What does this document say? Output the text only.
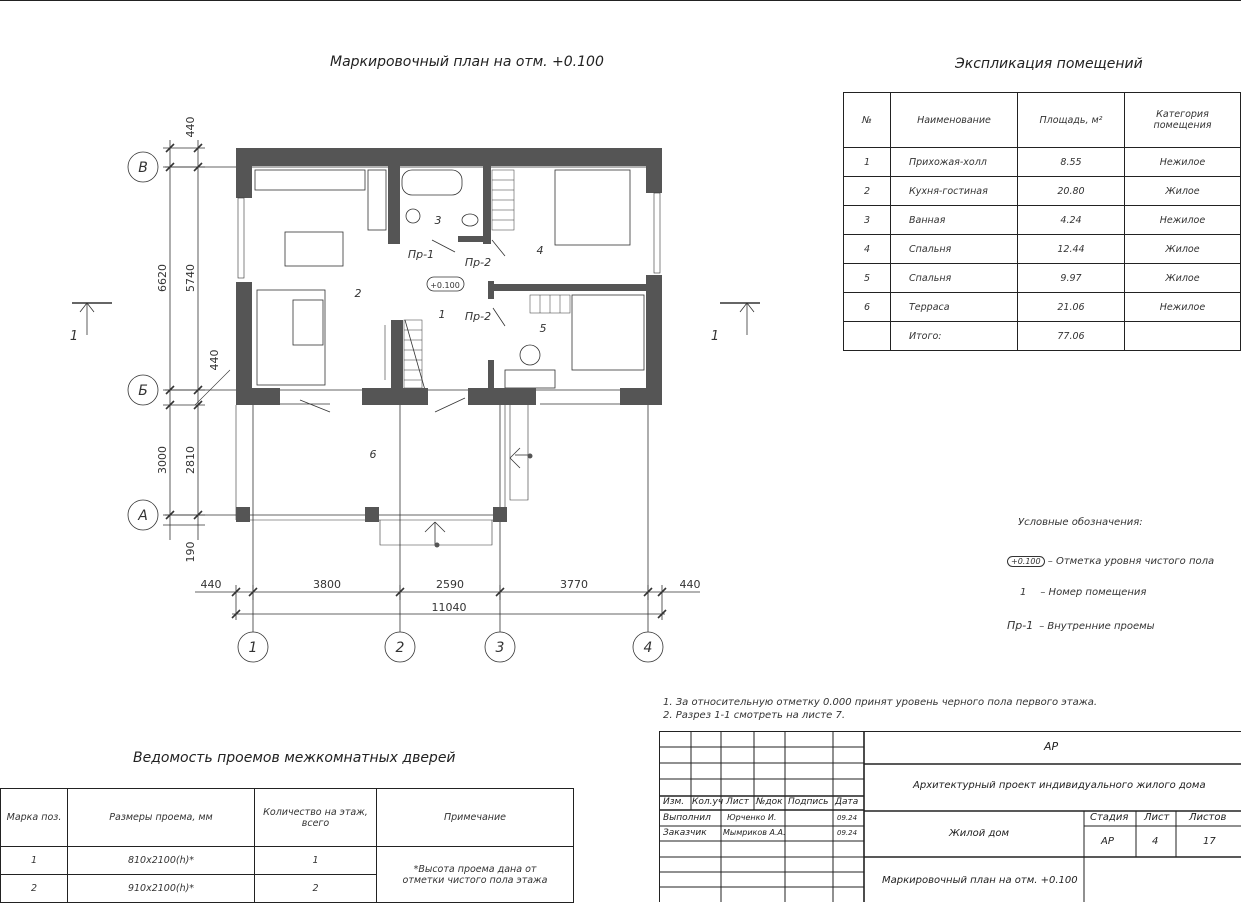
Маркировочный план на отм. +0.100
В
Б
А
1	2	3	4
440	3800	2590	3770	440
11040
440
6620
3000
190
5740
440
2810
1
2
3
4
5
6
Пр-1
Пр-2
Пр-2
+0.100
1	1
Экспликация помещений
№	Наименование	Площадь, м²	Категория помещения
1	Прихожая-холл	8.55	Нежилое
2	Кухня-гостиная	20.80	Жилое
3	Ванная	4.24	Нежилое
4	Спальня	12.44	Жилое
5	Спальня	9.97	Жилое
6	Терраса	21.06	Нежилое
	Итого:	77.06	
Условные обозначения:
+0.100 – Отметка уровня чистого пола
1 – Номер помещения
Пр-1 – Внутренние проемы
1. За относительную отметку 0.000 принят уровень черного пола первого этажа.
2. Разрез 1-1 смотреть на листе 7.
Ведомость проемов межкомнатных дверей
Марка поз.	Размеры проема, мм	Количество на этаж, всего	Примечание
1	810x2100(h)*	1	*Высота проема дана от отметки чистого пола этажа
2	910x2100(h)*	2	
АР
Архитектурный проект индивидуального жилого дома
Жилой дом
Маркировочный план на отм. +0.100
Изм. Кол.уч Лист №док Подпись Дата
Выполнил Юрченко И.	09.24
Заказчик Мымриков А.А.	09.24
Стадия Лист Листов
АР	4	17
